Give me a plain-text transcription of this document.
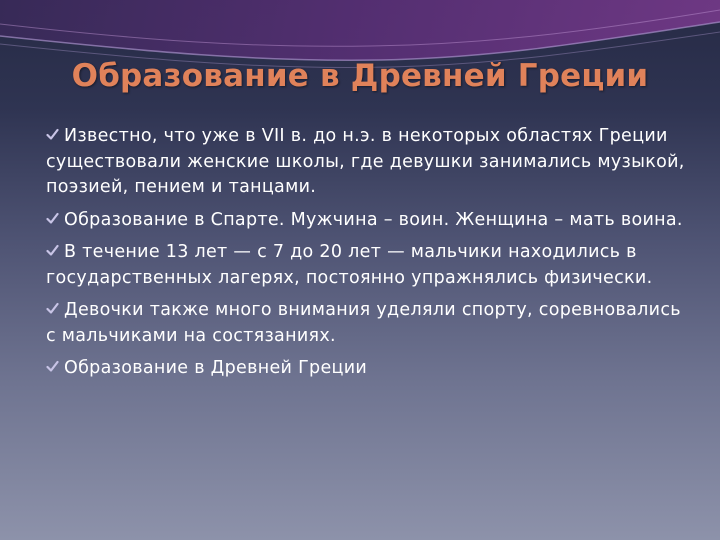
Образование в Древней Греции
Известно, что уже в VII в. до н.э. в некоторых областях Греции существовали женские школы, где девушки занимались музыкой, поэзией, пением и танцами.
Образование в Спарте. Мужчина – воин. Женщина – мать воина.
В течение 13 лет — с 7 до 20 лет — мальчики находились в государственных лагерях, постоянно упражнялись физически.
Девочки также много внимания уделяли спорту, соревновались с мальчиками на состязаниях.
Образование в Древней Греции
